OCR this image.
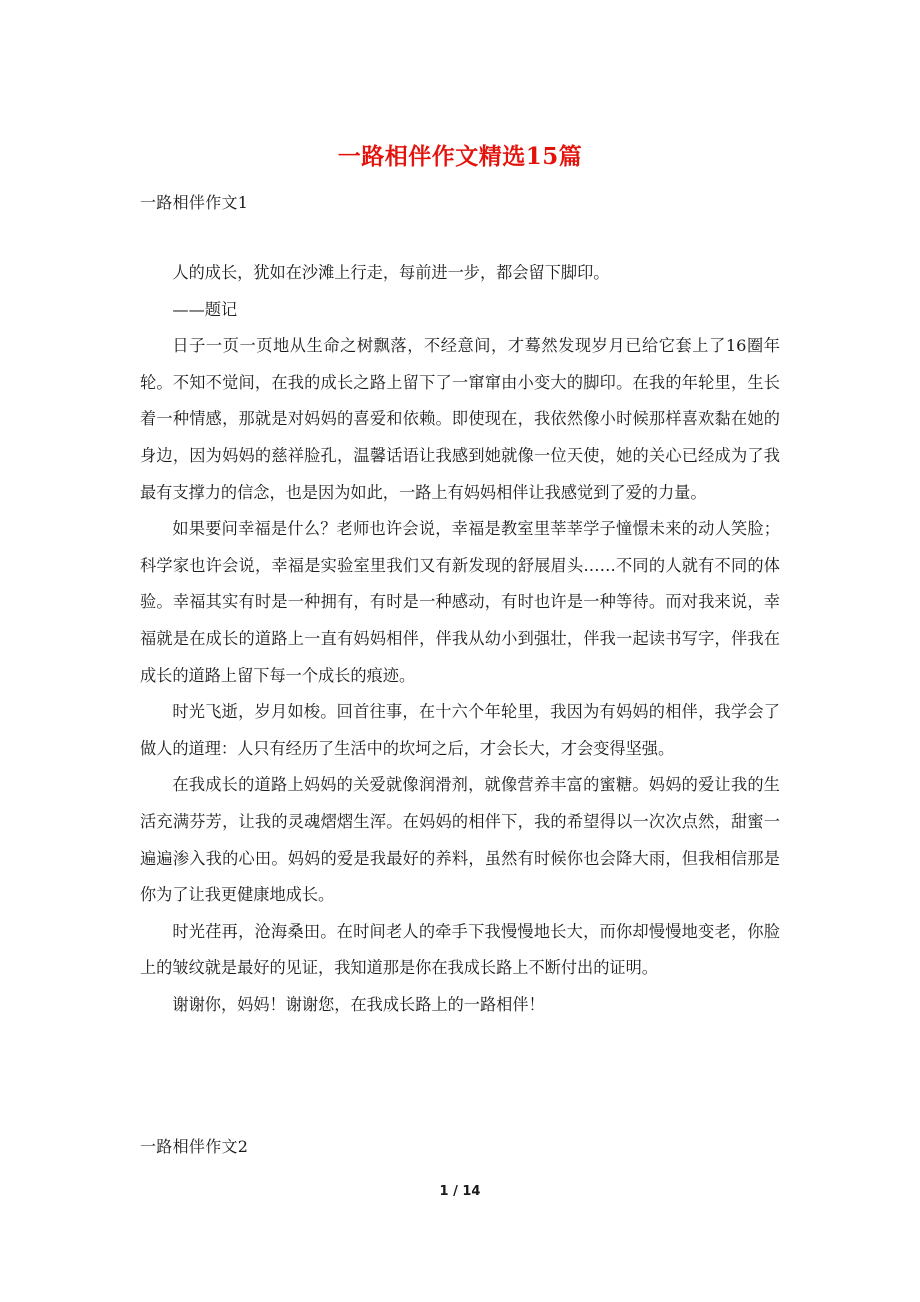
一路相伴作文精选15篇
一路相伴作文1

人的成长，犹如在沙滩上行走，每前进一步，都会留下脚印。

——题记

日子一页一页地从生命之树飘落，不经意间，才蓦然发现岁月已给它套上了16圈年轮。不知不觉间，在我的成长之路上留下了一窜窜由小变大的脚印。在我的年轮里，生长着一种情感，那就是对妈妈的喜爱和依赖。即使现在，我依然像小时候那样喜欢黏在她的身边，因为妈妈的慈祥脸孔，温馨话语让我感到她就像一位天使，她的关心已经成为了我最有支撑力的信念，也是因为如此，一路上有妈妈相伴让我感觉到了爱的力量。

如果要问幸福是什么？老师也许会说，幸福是教室里莘莘学子憧憬未来的动人笑脸；科学家也许会说，幸福是实验室里我们又有新发现的舒展眉头……不同的人就有不同的体验。幸福其实有时是一种拥有，有时是一种感动，有时也许是一种等待。而对我来说，幸福就是在成长的道路上一直有妈妈相伴，伴我从幼小到强壮，伴我一起读书写字，伴我在成长的道路上留下每一个成长的痕迹。

时光飞逝，岁月如梭。回首往事，在十六个年轮里，我因为有妈妈的相伴，我学会了做人的道理：人只有经历了生活中的坎坷之后，才会长大，才会变得坚强。

在我成长的道路上妈妈的关爱就像润滑剂，就像营养丰富的蜜糖。妈妈的爱让我的生活充满芬芳，让我的灵魂熠熠生浑。在妈妈的相伴下，我的希望得以一次次点然，甜蜜一遍遍渗入我的心田。妈妈的爱是我最好的养料，虽然有时候你也会降大雨，但我相信那是你为了让我更健康地成长。

时光荏再，沧海桑田。在时间老人的牵手下我慢慢地长大，而你却慢慢地变老，你脸上的皱纹就是最好的见证，我知道那是你在我成长路上不断付出的证明。

谢谢你，妈妈！谢谢您，在我成长路上的一路相伴！

一路相伴作文2
1 / 14
